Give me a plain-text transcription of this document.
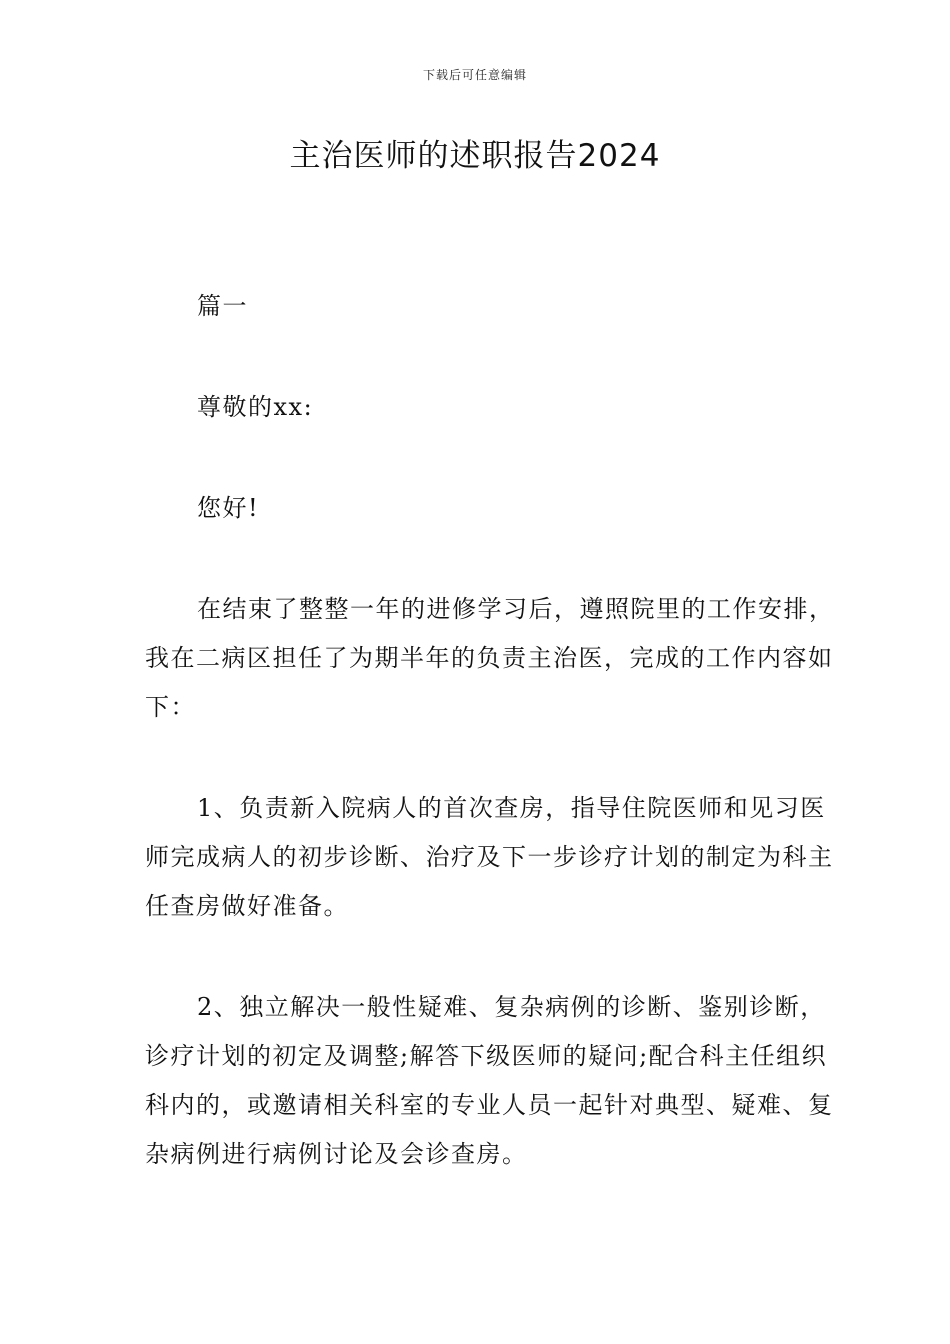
下载后可任意编辑
主治医师的述职报告2024

篇一

尊敬的xx:

您好!

在结束了整整一年的进修学习后，遵照院里的工作安排，我在二病区担任了为期半年的负责主治医，完成的工作内容如下：

1、负责新入院病人的首次查房，指导住院医师和见习医师完成病人的初步诊断、治疗及下一步诊疗计划的制定为科主任查房做好准备。

2、独立解决一般性疑难、复杂病例的诊断、鉴别诊断，诊疗计划的初定及调整;解答下级医师的疑问;配合科主任组织科内的，或邀请相关科室的专业人员一起针对典型、疑难、复杂病例进行病例讨论及会诊查房。
